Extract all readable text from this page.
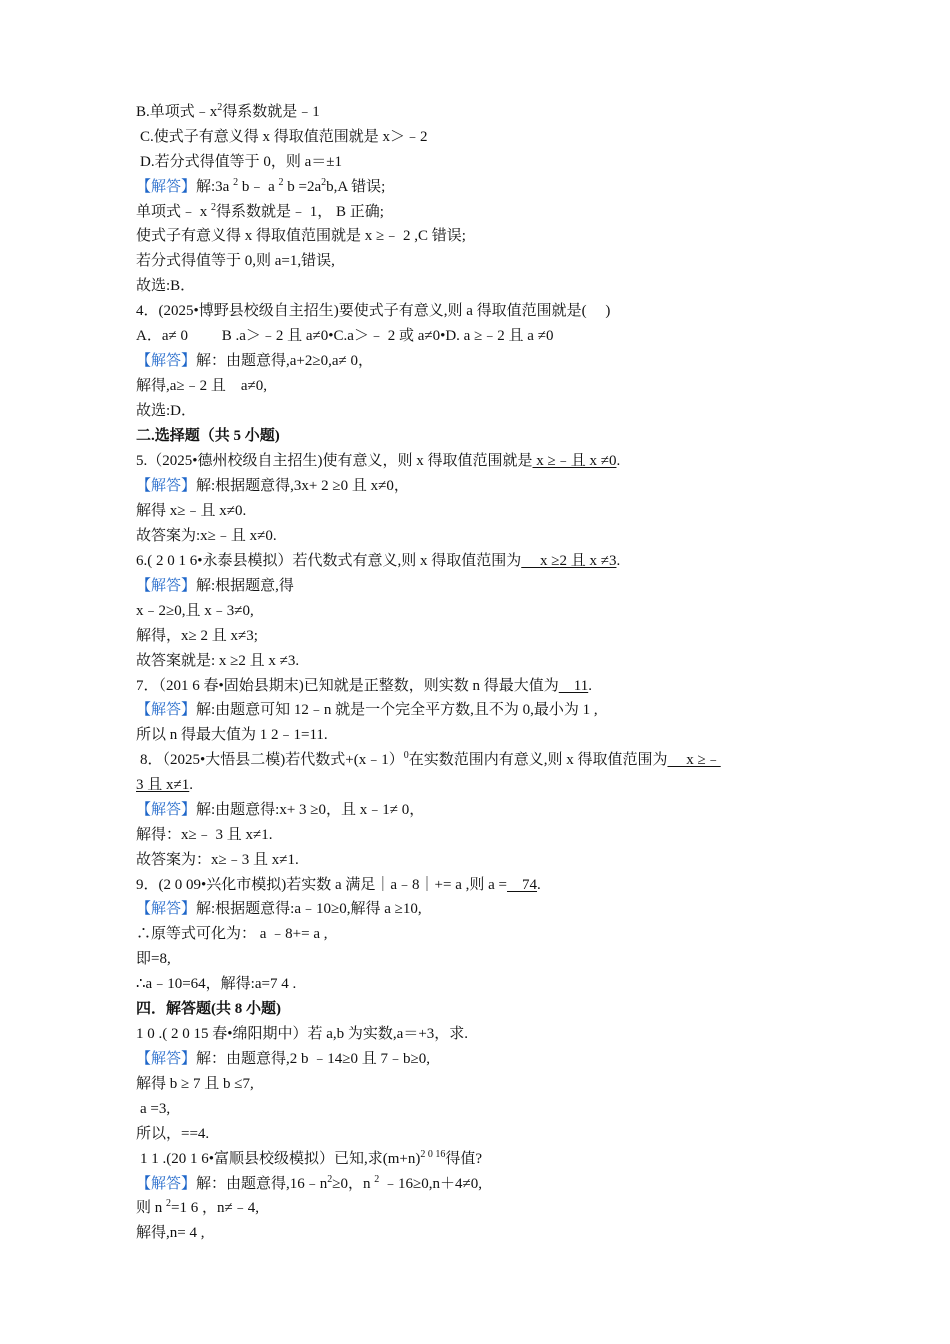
B.单项式$﹣x^2$得系数就是﹣1
C.使式子有意义得 x 得取值范围就是 x＞﹣2
D.若分式得值等于 0，则 a＝±1
【解答】解:3a $^2$ b﹣ a $^2$ $b =2a^2b,A$ 错误;
单项式﹣ x $^2$得系数就是﹣ 1， B 正确;
使式子有意义得 x 得取值范围就是 x ≥﹣ 2 ,C 错误;
若分式得值等于 0,则 a=1,错误,
故选:B．
4．(2025•博野县校级自主招生)要使式子有意义,则 a 得取值范围就是(　 )
A．a≠ 0　　 B .a＞﹣2 且 a≠0•C.a＞﹣ 2 或 a≠0•D. a ≥﹣2 且 a ≠0
【解答】解：由题意得,a+2≥0,a≠ 0，
解得,a≥﹣2 且　a≠0,
故选:D．
二.选择题（共 5 小题)
5.（2025•德州校级自主招生)使有意义，则 x 得取值范围就是 x ≥﹣且 x ≠0.
【解答】解:根据题意得,3x+ 2 ≥0 且 x≠0，
解得 x≥﹣且 x≠0.
故答案为:x≥﹣且 x≠0.
6.( 2 0 1 6•永泰县模拟）若代数式有意义,则 x 得取值范围为　 x ≥2 且 x ≠3.
【解答】解:根据题意,得
x﹣2≥0,且 x﹣3≠0,
解得，x≥ 2 且 x≠3;
故答案就是: x ≥2 且 x ≠3.
7．（201 6 春•固始县期末)已知就是正整数，则实数 n 得最大值为　11.
【解答】解:由题意可知 12﹣n 就是一个完全平方数,且不为 0,最小为 1 ,
所以 n 得最大值为 1 2﹣1=11.
8．（2025•大悟县二模)若代数式+(x﹣1）$^0$在实数范围内有意义,则 x 得取值范围为　 x ≥﹣
3 且 x≠1.
【解答】解:由题意得:x+ 3 ≥0，且 x﹣1≠ 0，
解得：x≥﹣ 3 且 x≠1.
故答案为：x≥﹣3 且 x≠1.
9．(2 0 09•兴化市模拟)若实数 a 满足｜a﹣8｜+= a ,则 a =　74.
【解答】解:根据题意得:a﹣10≥0,解得 a ≥10,
∴原等式可化为： a ﹣8+= a ,
即=8,
∴a﹣10=64，解得:a=7 4 .
四．解答题(共 8 小题)
1 0 .( 2 0 15 春•绵阳期中）若 a,b 为实数,a＝+3，求.
【解答】解：由题意得,2 b ﹣14≥0 且 7﹣b≥0,
解得 b ≥ 7 且 b ≤7,
a =3,
所以，==4.
1 1 .(20 1 6•富顺县校级模拟）已知,求$(m+n)^{2 0 16}$得值?
【解答】解：由题意得$,16﹣n^2\ge 0$，n $^2$ ﹣16≥0,n＋4≠0,
则 n $^2$=1 6 ，n≠﹣4,
解得,n= 4 ,
